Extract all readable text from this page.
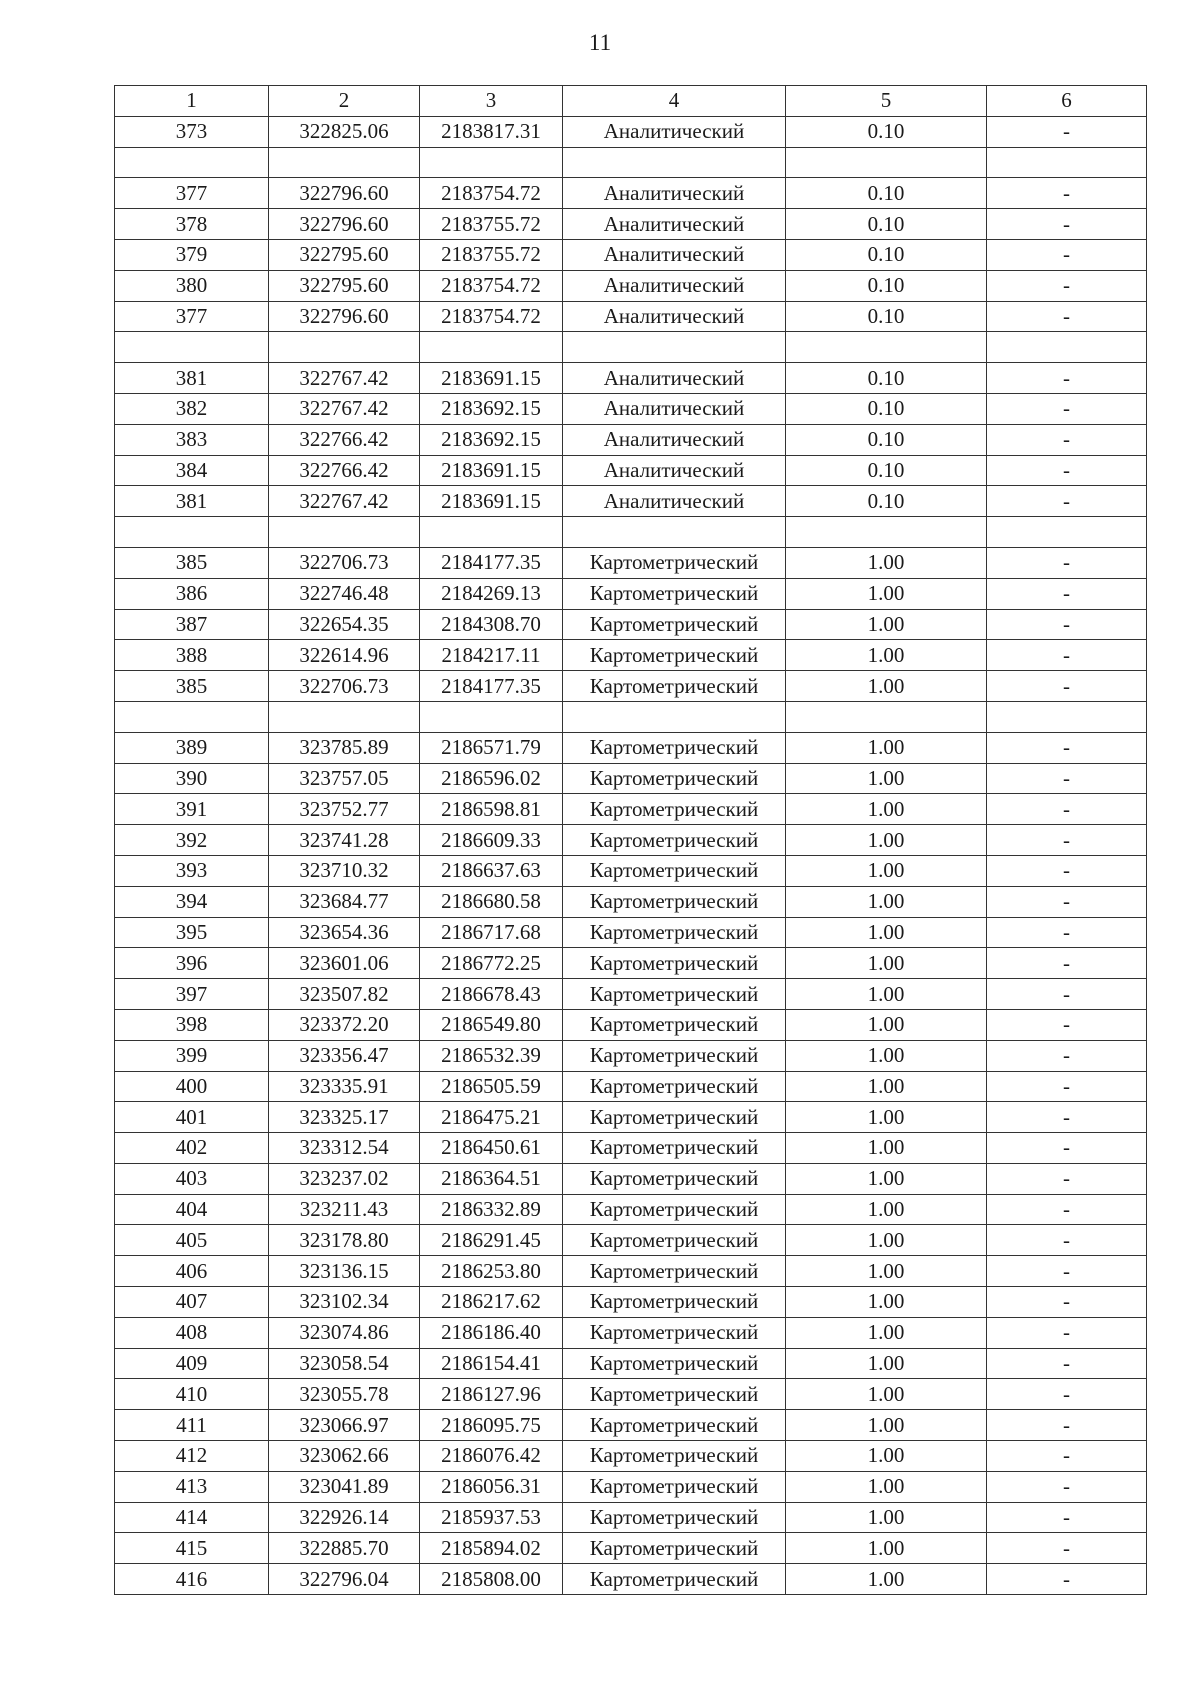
11
1	2	3	4	5	6
373	322825.06	2183817.31	Аналитический	0.10	-

377	322796.60	2183754.72	Аналитический	0.10	-
378	322796.60	2183755.72	Аналитический	0.10	-
379	322795.60	2183755.72	Аналитический	0.10	-
380	322795.60	2183754.72	Аналитический	0.10	-
377	322796.60	2183754.72	Аналитический	0.10	-

381	322767.42	2183691.15	Аналитический	0.10	-
382	322767.42	2183692.15	Аналитический	0.10	-
383	322766.42	2183692.15	Аналитический	0.10	-
384	322766.42	2183691.15	Аналитический	0.10	-
381	322767.42	2183691.15	Аналитический	0.10	-

385	322706.73	2184177.35	Картометрический	1.00	-
386	322746.48	2184269.13	Картометрический	1.00	-
387	322654.35	2184308.70	Картометрический	1.00	-
388	322614.96	2184217.11	Картометрический	1.00	-
385	322706.73	2184177.35	Картометрический	1.00	-

389	323785.89	2186571.79	Картометрический	1.00	-
390	323757.05	2186596.02	Картометрический	1.00	-
391	323752.77	2186598.81	Картометрический	1.00	-
392	323741.28	2186609.33	Картометрический	1.00	-
393	323710.32	2186637.63	Картометрический	1.00	-
394	323684.77	2186680.58	Картометрический	1.00	-
395	323654.36	2186717.68	Картометрический	1.00	-
396	323601.06	2186772.25	Картометрический	1.00	-
397	323507.82	2186678.43	Картометрический	1.00	-
398	323372.20	2186549.80	Картометрический	1.00	-
399	323356.47	2186532.39	Картометрический	1.00	-
400	323335.91	2186505.59	Картометрический	1.00	-
401	323325.17	2186475.21	Картометрический	1.00	-
402	323312.54	2186450.61	Картометрический	1.00	-
403	323237.02	2186364.51	Картометрический	1.00	-
404	323211.43	2186332.89	Картометрический	1.00	-
405	323178.80	2186291.45	Картометрический	1.00	-
406	323136.15	2186253.80	Картометрический	1.00	-
407	323102.34	2186217.62	Картометрический	1.00	-
408	323074.86	2186186.40	Картометрический	1.00	-
409	323058.54	2186154.41	Картометрический	1.00	-
410	323055.78	2186127.96	Картометрический	1.00	-
411	323066.97	2186095.75	Картометрический	1.00	-
412	323062.66	2186076.42	Картометрический	1.00	-
413	323041.89	2186056.31	Картометрический	1.00	-
414	322926.14	2185937.53	Картометрический	1.00	-
415	322885.70	2185894.02	Картометрический	1.00	-
416	322796.04	2185808.00	Картометрический	1.00	-
